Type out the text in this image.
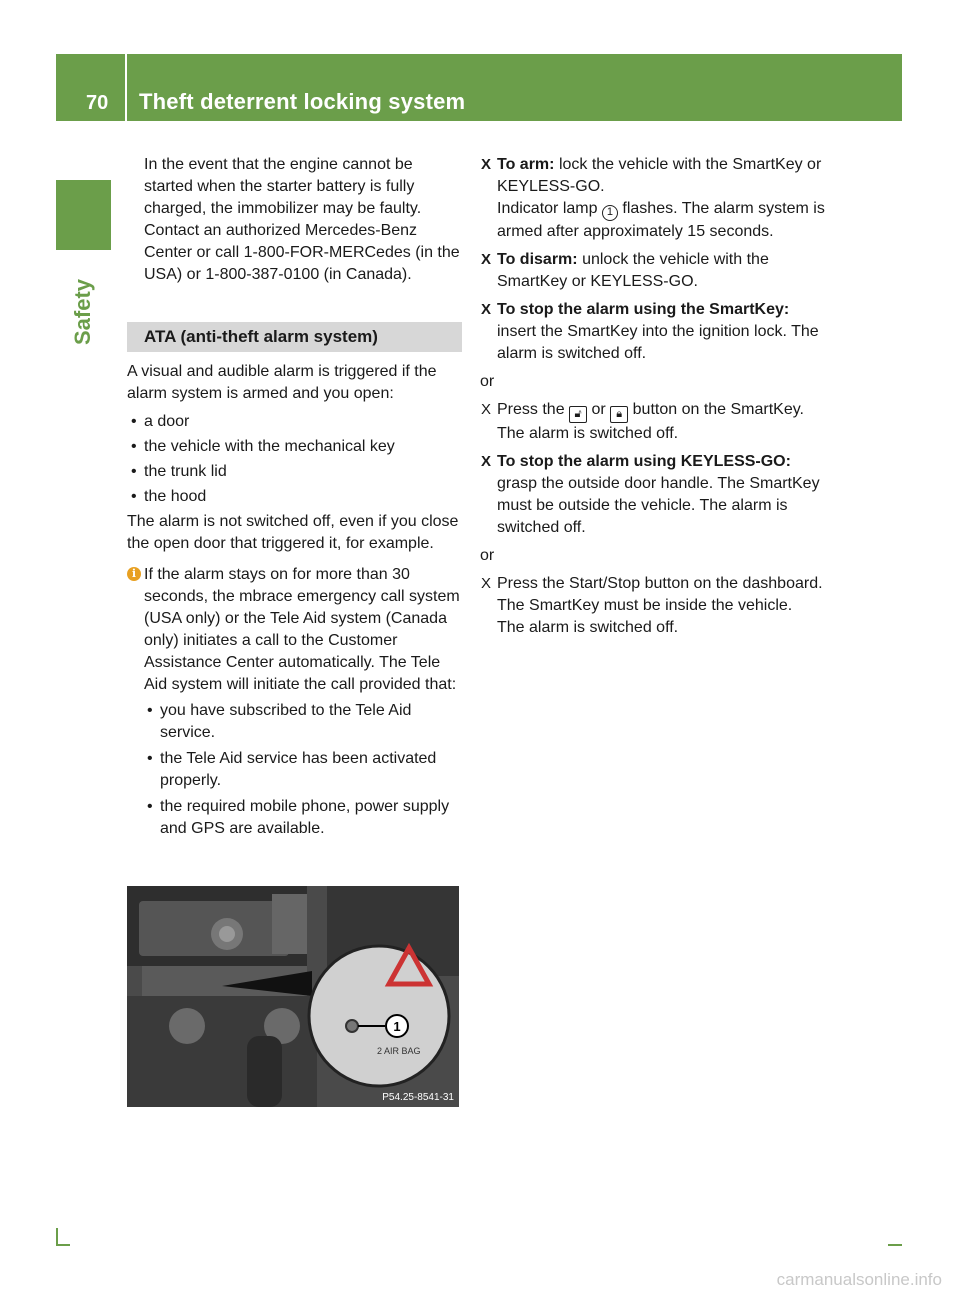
70 Theft deterrent locking system
Safety
In the event that the engine cannot be started when the starter battery is fully charged, the immobilizer may be faulty. Contact an authorized Mercedes-Benz Center or call 1-800-FOR-MERCedes (in the USA) or 1-800-387-0100 (in Canada).
ATA (anti-theft alarm system)
A visual and audible alarm is triggered if the alarm system is armed and you open:
• a door
• the vehicle with the mechanical key
• the trunk lid
• the hood
The alarm is not switched off, even if you close the open door that triggered it, for example.
i If the alarm stays on for more than 30 seconds, the mbrace emergency call system (USA only) or the Tele Aid system (Canada only) initiates a call to the Customer Assistance Center automatically. The Tele Aid system will initiate the call provided that:
• you have subscribed to the Tele Aid service.
• the Tele Aid service has been activated properly.
• the required mobile phone, power supply and GPS are available.
1
2 AIR BAG
P54.25-8541-31
X To arm: lock the vehicle with the SmartKey or KEYLESS-GO.
Indicator lamp 1 flashes. The alarm system is armed after approximately 15 seconds.
X To disarm: unlock the vehicle with the SmartKey or KEYLESS-GO.
X To stop the alarm using the SmartKey: insert the SmartKey into the ignition lock. The alarm is switched off.
or
X Press the 🔓︎ or 🔒︎ button on the SmartKey.
The alarm is switched off.
X To stop the alarm using KEYLESS-GO: grasp the outside door handle. The SmartKey must be outside the vehicle. The alarm is switched off.
or
X Press the Start/Stop button on the dashboard. The SmartKey must be inside the vehicle.
The alarm is switched off.
carmanualsonline.info
